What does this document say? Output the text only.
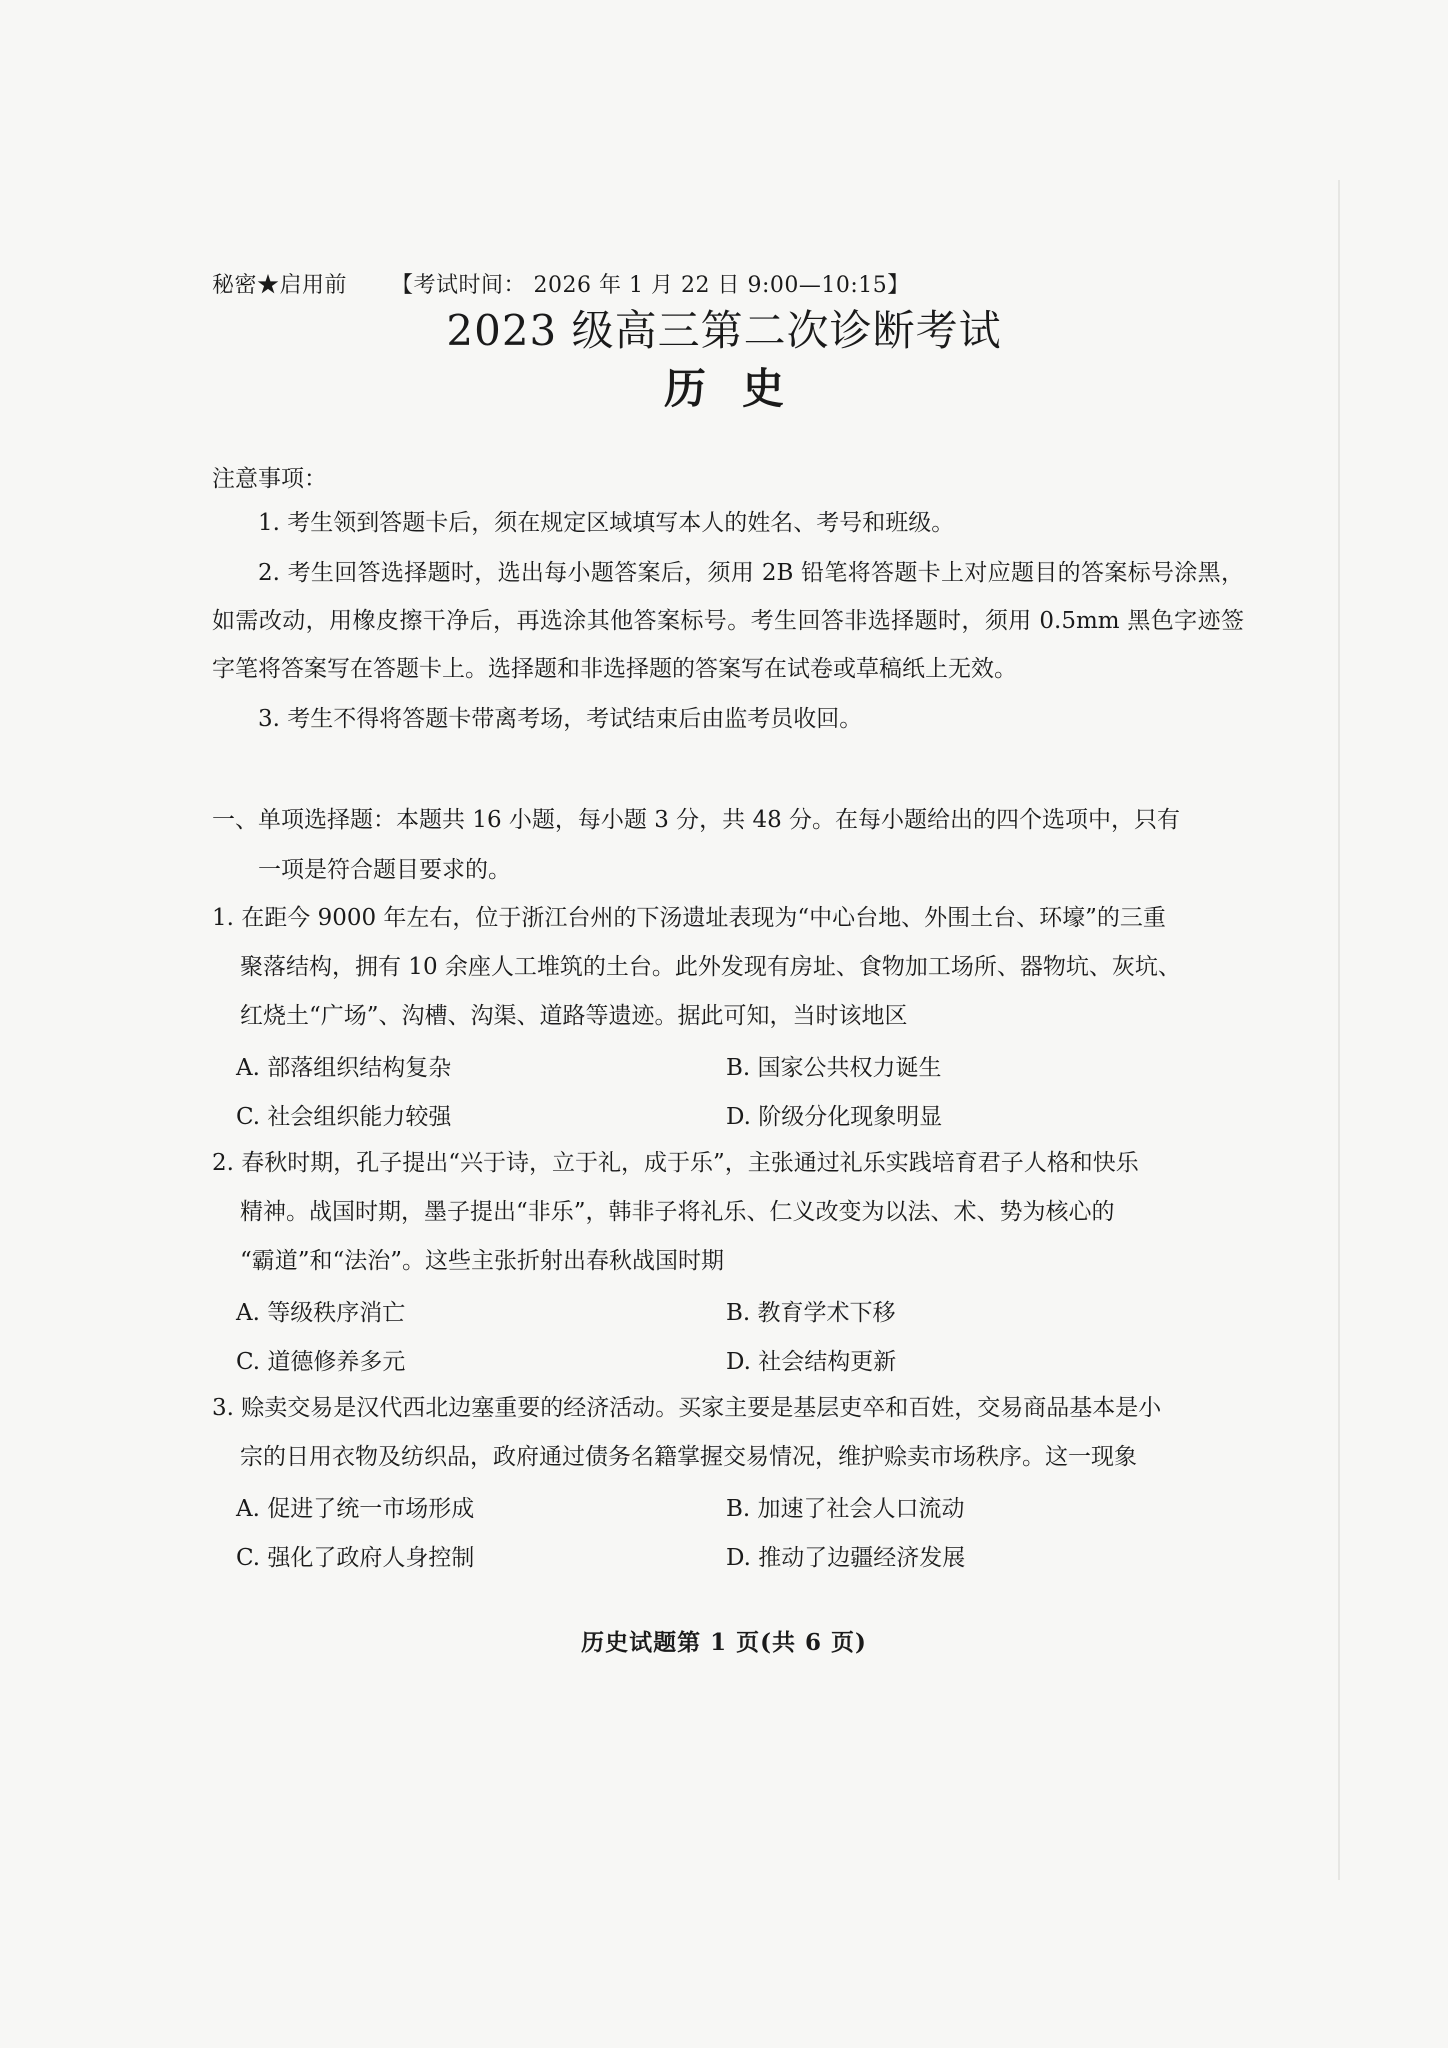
秘密★启用前 【考试时间： 2026 年 1 月 22 日 9:00—10:15】
2023 级高三第二次诊断考试
历史
注意事项：
1. 考生领到答题卡后，须在规定区域填写本人的姓名、考号和班级。
2. 考生回答选择题时，选出每小题答案后，须用 2B 铅笔将答题卡上对应题目的答案标号涂黑，如需改动，用橡皮擦干净后，再选涂其他答案标号。考生回答非选择题时，须用 0.5mm 黑色字迹签字笔将答案写在答题卡上。选择题和非选择题的答案写在试卷或草稿纸上无效。
3. 考生不得将答题卡带离考场，考试结束后由监考员收回。
一、单项选择题：本题共 16 小题，每小题 3 分，共 48 分。在每小题给出的四个选项中，只有
一项是符合题目要求的。
1. 在距今 9000 年左右，位于浙江台州的下汤遗址表现为“中心台地、外围土台、环壕”的三重
聚落结构，拥有 10 余座人工堆筑的土台。此外发现有房址、食物加工场所、器物坑、灰坑、
红烧土“广场”、沟槽、沟渠、道路等遗迹。据此可知，当时该地区
A. 部落组织结构复杂	B. 国家公共权力诞生
C. 社会组织能力较强	D. 阶级分化现象明显
2. 春秋时期，孔子提出“兴于诗，立于礼，成于乐”，主张通过礼乐实践培育君子人格和快乐
精神。战国时期，墨子提出“非乐”，韩非子将礼乐、仁义改变为以法、术、势为核心的
“霸道”和“法治”。这些主张折射出春秋战国时期
A. 等级秩序消亡	B. 教育学术下移
C. 道德修养多元	D. 社会结构更新
3. 赊卖交易是汉代西北边塞重要的经济活动。买家主要是基层吏卒和百姓，交易商品基本是小
宗的日用衣物及纺织品，政府通过债务名籍掌握交易情况，维护赊卖市场秩序。这一现象
A. 促进了统一市场形成	B. 加速了社会人口流动
C. 强化了政府人身控制	D. 推动了边疆经济发展
历史试题第 1 页(共 6 页)
